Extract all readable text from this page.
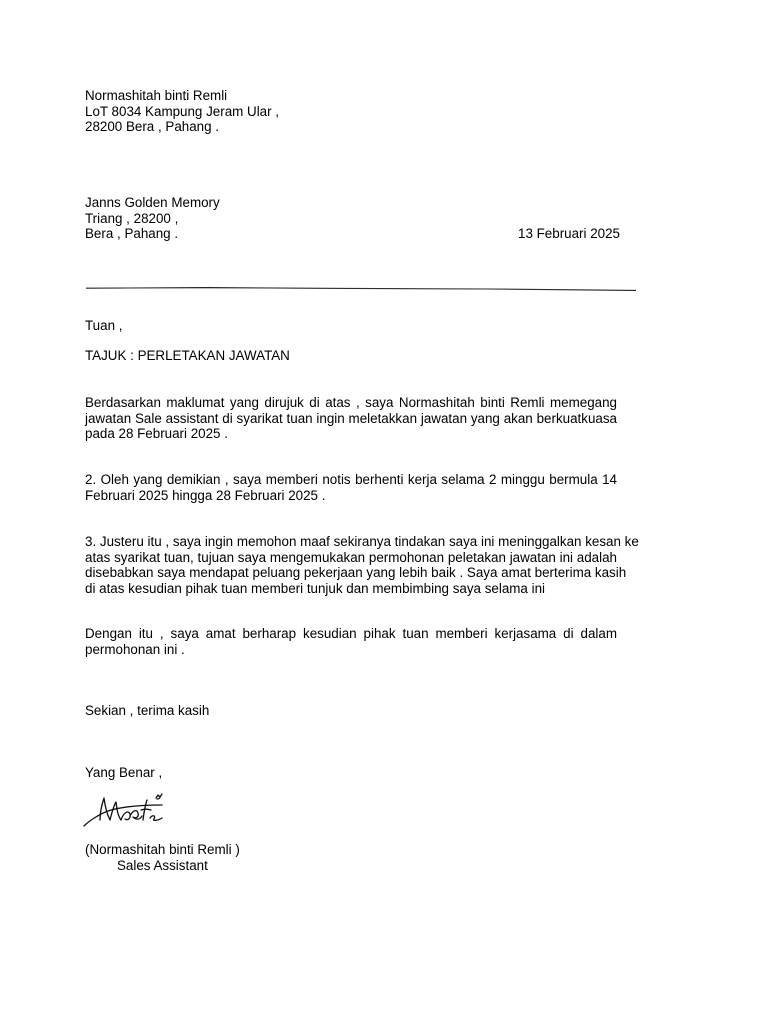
Normashitah binti Remli
LoT 8034 Kampung Jeram Ular ,
28200 Bera , Pahang .
Janns Golden Memory
Triang , 28200 ,
Bera , Pahang .	13 Februari 2025
Tuan ,
TAJUK : PERLETAKAN JAWATAN
Berdasarkan maklumat yang dirujuk di atas , saya Normashitah binti Remli memegang
jawatan Sale assistant di syarikat tuan ingin meletakkan jawatan yang akan berkuatkuasa
pada 28 Februari 2025 .
2. Oleh yang demikian , saya memberi notis berhenti kerja selama 2 minggu bermula 14
Februari 2025 hingga 28 Februari 2025 .
3. Justeru itu , saya ingin memohon maaf sekiranya tindakan saya ini meninggalkan kesan ke
atas syarikat tuan, tujuan saya mengemukakan permohonan peletakan jawatan ini adalah
disebabkan saya mendapat peluang pekerjaan yang lebih baik . Saya amat berterima kasih
di atas kesudian pihak tuan memberi tunjuk dan membimbing saya selama ini
Dengan itu , saya amat berharap kesudian pihak tuan memberi kerjasama di dalam
permohonan ini .
Sekian , terima kasih
Yang Benar ,
(Normashitah binti Remli )
Sales Assistant
